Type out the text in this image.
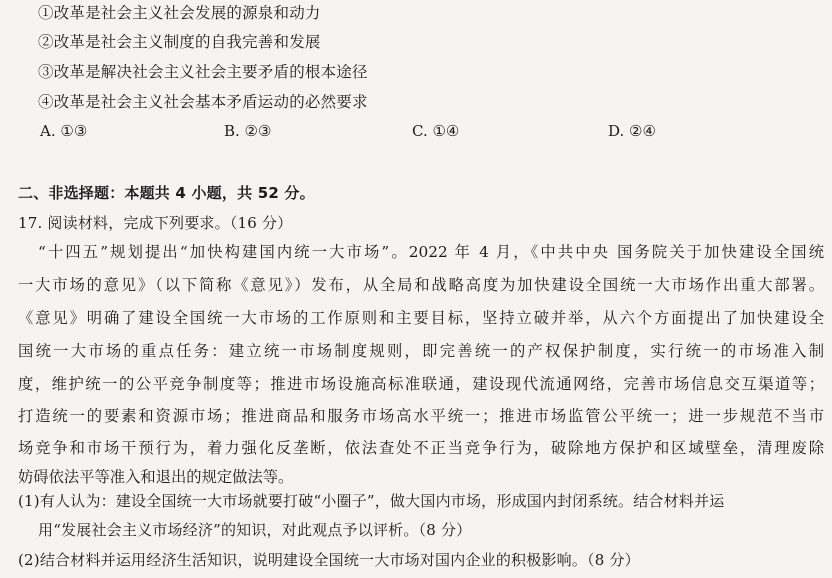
①改革是社会主义社会发展的源泉和动力
②改革是社会主义制度的自我完善和发展
③改革是解决社会主义社会主要矛盾的根本途径
④改革是社会主义社会基本矛盾运动的必然要求
A. ①③	B. ②③	C. ①④	D. ②④
二、非选择题：本题共 4 小题，共 52 分。
17. 阅读材料，完成下列要求。（16 分）
“十四五”规划提出“加快构建国内统一大市场”。2022 年 4 月，《中共中央 国务院关于加快建设全国统
一大市场的意见》（以下简称《意见》）发布，从全局和战略高度为加快建设全国统一大市场作出重大部署。
《意见》明确了建设全国统一大市场的工作原则和主要目标，坚持立破并举，从六个方面提出了加快建设全
国统一大市场的重点任务：建立统一市场制度规则，即完善统一的产权保护制度，实行统一的市场准入制
度，维护统一的公平竞争制度等；推进市场设施高标准联通，建设现代流通网络，完善市场信息交互渠道等；
打造统一的要素和资源市场；推进商品和服务市场高水平统一；推进市场监管公平统一；进一步规范不当市
场竞争和市场干预行为，着力强化反垄断，依法查处不正当竞争行为，破除地方保护和区域壁垒，清理废除
妨碍依法平等准入和退出的规定做法等。
(1)有人认为：建设全国统一大市场就要打破“小圈子”，做大国内市场，形成国内封闭系统。结合材料并运
用“发展社会主义市场经济”的知识，对此观点予以评析。（8 分）
(2)结合材料并运用经济生活知识，说明建设全国统一大市场对国内企业的积极影响。（8 分）
